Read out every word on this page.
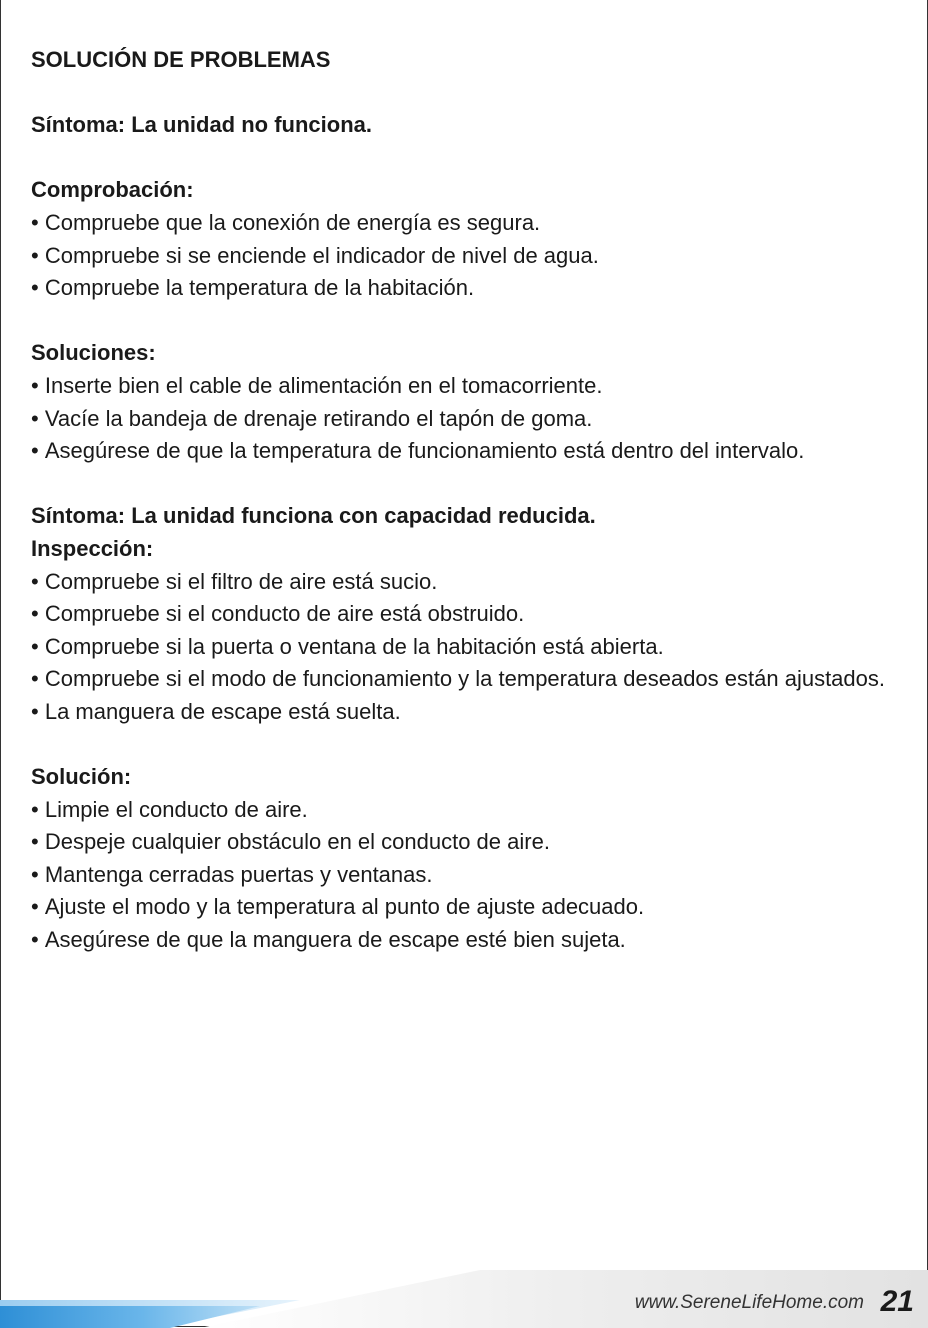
SOLUCIÓN DE PROBLEMAS

Síntoma: La unidad no funciona.

Comprobación:

• Compruebe que la conexión de energía es segura.

• Compruebe si se enciende el indicador de nivel de agua.

• Compruebe la temperatura de la habitación.

Soluciones:

• Inserte bien el cable de alimentación en el tomacorriente.

• Vacíe la bandeja de drenaje retirando el tapón de goma.

• Asegúrese de que la temperatura de funcionamiento está dentro del intervalo.

Síntoma: La unidad funciona con capacidad reducida.

Inspección:

• Compruebe si el filtro de aire está sucio.

• Compruebe si el conducto de aire está obstruido.

• Compruebe si la puerta o ventana de la habitación está abierta.

• Compruebe si el modo de funcionamiento y la temperatura deseados están ajustados.

• La manguera de escape está suelta.

Solución:

• Limpie el conducto de aire.

• Despeje cualquier obstáculo en el conducto de aire.

• Mantenga cerradas puertas y ventanas.

• Ajuste el modo y la temperatura al punto de ajuste adecuado.

• Asegúrese de que la manguera de escape esté bien sujeta.

www.SereneLifeHome.com 21
